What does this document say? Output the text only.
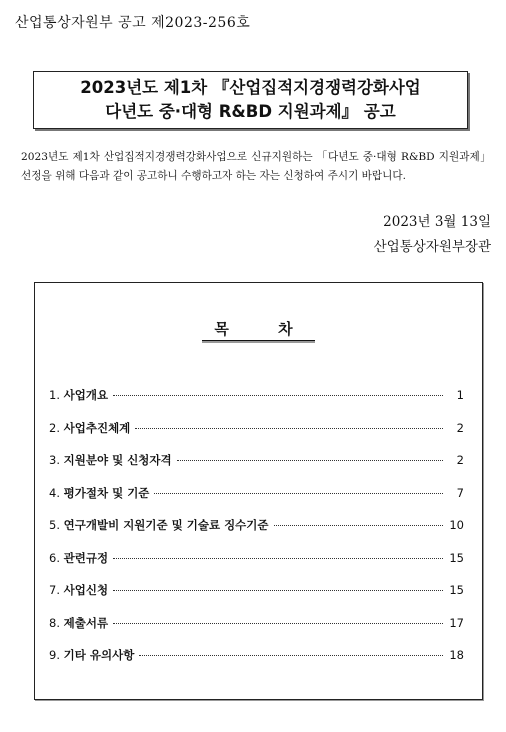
산업통상자원부 공고 제2023-256호
2023년도 제1차 『산업집적지경쟁력강화사업
다년도 중·대형 R&BD 지원과제』 공고
2023년도 제1차 산업집적지경쟁력강화사업으로 신규지원하는 「다년도 중·대형 R&BD 지원과제」 선정을 위해 다음과 같이 공고하니 수행하고자 하는 자는 신청하여 주시기 바랍니다.
2023년 3월 13일
산업통상자원부장관
목 차
1. 사업개요	1
2. 사업추진체계	2
3. 지원분야 및 신청자격	2
4. 평가절차 및 기준	7
5. 연구개발비 지원기준 및 기술료 징수기준	10
6. 관련규정	15
7. 사업신청	15
8. 제출서류	17
9. 기타 유의사항	18
